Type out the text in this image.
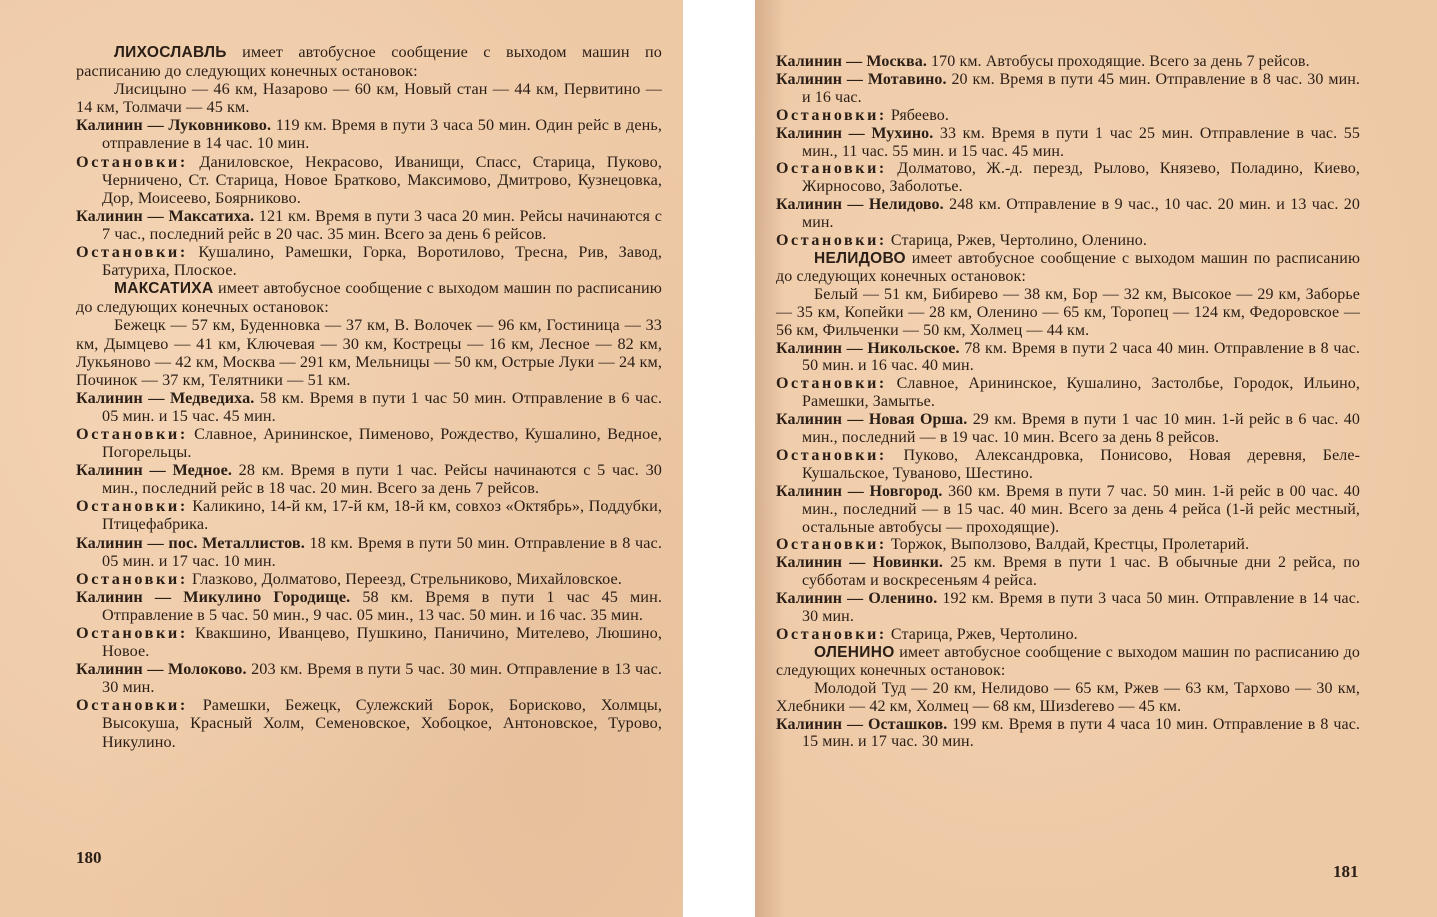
ЛИХОСЛАВЛЬ имеет автобусное сообщение с выходом машин по расписанию до следующих конечных остановок:

Лисицыно — 46 км, Назарово — 60 км, Новый стан — 44 км, Первитино — 14 км, Толмачи — 45 км.

Калинин — Луковниково. 119 км. Время в пути 3 часа 50 мин. Один рейс в день, отправление в 14 час. 10 мин.

Остановки: Даниловское, Некрасово, Иванищи, Спасс, Старица, Пуково, Черничено, Ст. Старица, Новое Братково, Максимово, Дмитрово, Кузнецовка, Дор, Моисеево, Боярниково.

Калинин — Максатиха. 121 км. Время в пути 3 часа 20 мин. Рейсы начинаются с 7 час., последний рейс в 20 час. 35 мин. Всего за день 6 рейсов.

Остановки: Кушалино, Рамешки, Горка, Воротилово, Тресна, Рив, Завод, Батуриха, Плоское.

МАКСАТИХА имеет автобусное сообщение с выходом машин по расписанию до следующих конечных остановок:

Бежецк — 57 км, Буденновка — 37 км, В. Волочек — 96 км, Гостиница — 33 км, Дымцево — 41 км, Ключевая — 30 км, Кострецы — 16 км, Лесное — 82 км, Лукьяново — 42 км, Москва — 291 км, Мельницы — 50 км, Острые Луки — 24 км, Починок — 37 км, Телятники — 51 км.

Калинин — Медведиха. 58 км. Время в пути 1 час 50 мин. Отправление в 6 час. 05 мин. и 15 час. 45 мин.

Остановки: Славное, Арининское, Пименово, Рождество, Кушалино, Ведное, Погорельцы.

Калинин — Медное. 28 км. Время в пути 1 час. Рейсы начинаются с 5 час. 30 мин., последний рейс в 18 час. 20 мин. Всего за день 7 рейсов.

Остановки: Каликино, 14-й км, 17-й км, 18-й км, совхоз «Октябрь», Поддубки, Птицефабрика.

Калинин — пос. Металлистов. 18 км. Время в пути 50 мин. Отправление в 8 час. 05 мин. и 17 час. 10 мин.

Остановки: Глазково, Долматово, Переезд, Стрельниково, Михайловское.

Калинин — Микулино Городище. 58 км. Время в пути 1 час 45 мин. Отправление в 5 час. 50 мин., 9 час. 05 мин., 13 час. 50 мин. и 16 час. 35 мин.

Остановки: Квакшино, Иванцево, Пушкино, Паничино, Мителево, Люшино, Новое.

Калинин — Молоково. 203 км. Время в пути 5 час. 30 мин. Отправление в 13 час. 30 мин.

Остановки: Рамешки, Бежецк, Сулежский Борок, Борисково, Холмцы, Высокуша, Красный Холм, Семеновское, Хобоцкое, Антоновское, Турово, Никулино.

Калинин — Москва. 170 км. Автобусы проходящие. Всего за день 7 рейсов.

Калинин — Мотавино. 20 км. Время в пути 45 мин. Отправление в 8 час. 30 мин. и 16 час.

Остановки: Рябеево.

Калинин — Мухино. 33 км. Время в пути 1 час 25 мин. Отправление в час. 55 мин., 11 час. 55 мин. и 15 час. 45 мин.

Остановки: Долматово, Ж.-д. перезд, Рылово, Князево, Поладино, Киево, Жирносово, Заболотье.

Калинин — Нелидово. 248 км. Отправление в 9 час., 10 час. 20 мин. и 13 час. 20 мин.

Остановки: Старица, Ржев, Чертолино, Оленино.

НЕЛИДОВО имеет автобусное сообщение с выходом машин по расписанию до следующих конечных остановок:

Белый — 51 км, Бибирево — 38 км, Бор — 32 км, Высокое — 29 км, Заборье — 35 км, Копейки — 28 км, Оленино — 65 км, Торопец — 124 км, Федоровское — 56 км, Фильченки — 50 км, Холмец — 44 км.

Калинин — Никольское. 78 км. Время в пути 2 часа 40 мин. Отправление в 8 час. 50 мин. и 16 час. 40 мин.

Остановки: Славное, Арининское, Кушалино, Застолбье, Городок, Ильино, Рамешки, Замытье.

Калинин — Новая Орша. 29 км. Время в пути 1 час 10 мин. 1-й рейс в 6 час. 40 мин., последний — в 19 час. 10 мин. Всего за день 8 рейсов.

Остановки: Пуково, Александровка, Понисово, Новая деревня, Беле-Кушальское, Туваново, Шестино.

Калинин — Новгород. 360 км. Время в пути 7 час. 50 мин. 1-й рейс в 00 час. 40 мин., последний — в 15 час. 40 мин. Всего за день 4 рейса (1-й рейс местный, остальные автобусы — проходящие).

Остановки: Торжок, Выползово, Валдай, Крестцы, Пролетарий.

Калинин — Новинки. 25 км. Время в пути 1 час. В обычные дни 2 рейса, по субботам и воскресеньям 4 рейса.

Калинин — Оленино. 192 км. Время в пути 3 часа 50 мин. Отправление в 14 час. 30 мин.

Остановки: Старица, Ржев, Чертолино.

ОЛЕНИНО имеет автобусное сообщение с выходом машин по расписанию до следующих конечных остановок:

Молодой Туд — 20 км, Нелидово — 65 км, Ржев — 63 км, Тархово — 30 км, Хлебники — 42 км, Холмец — 68 км, Шизderево — 45 км.

Калинин — Осташков. 199 км. Время в пути 4 часа 10 мин. Отправление в 8 час. 15 мин. и 17 час. 30 мин.

180
181
